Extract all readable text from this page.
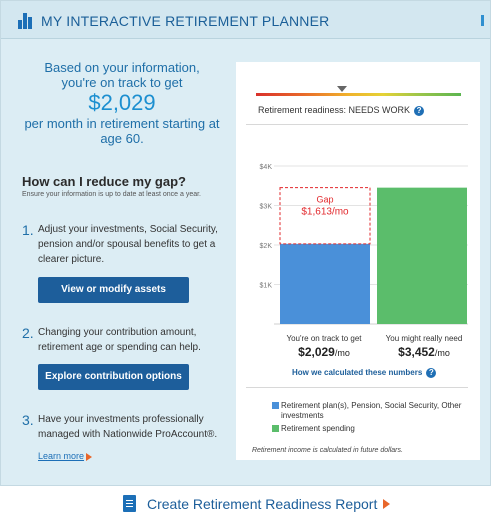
MY INTERACTIVE RETIREMENT PLANNER
Based on your information,
you're on track to get
$2,029
per month in retirement starting at
age 60.
How can I reduce my gap?
Ensure your information is up to date at least once a year.
1. Adjust your investments, Social Security, pension and/or spousal benefits to get a clearer picture.
View or modify assets
2. Changing your contribution amount, retirement age or spending can help.
Explore contribution options
3. Have your investments professionally managed with Nationwide ProAccount®.
Learn more
Retirement readiness: NEEDS WORK ?
$1K
$2K
$3K
$4K
Gap
$1,613/mo
You're on track to get
$2,029/mo
You might really need
$3,452/mo
How we calculated these numbers ?
Retirement plan(s), Pension, Social Security, Other investments
Retirement spending
Retirement income is calculated in future dollars.
Create Retirement Readiness Report
